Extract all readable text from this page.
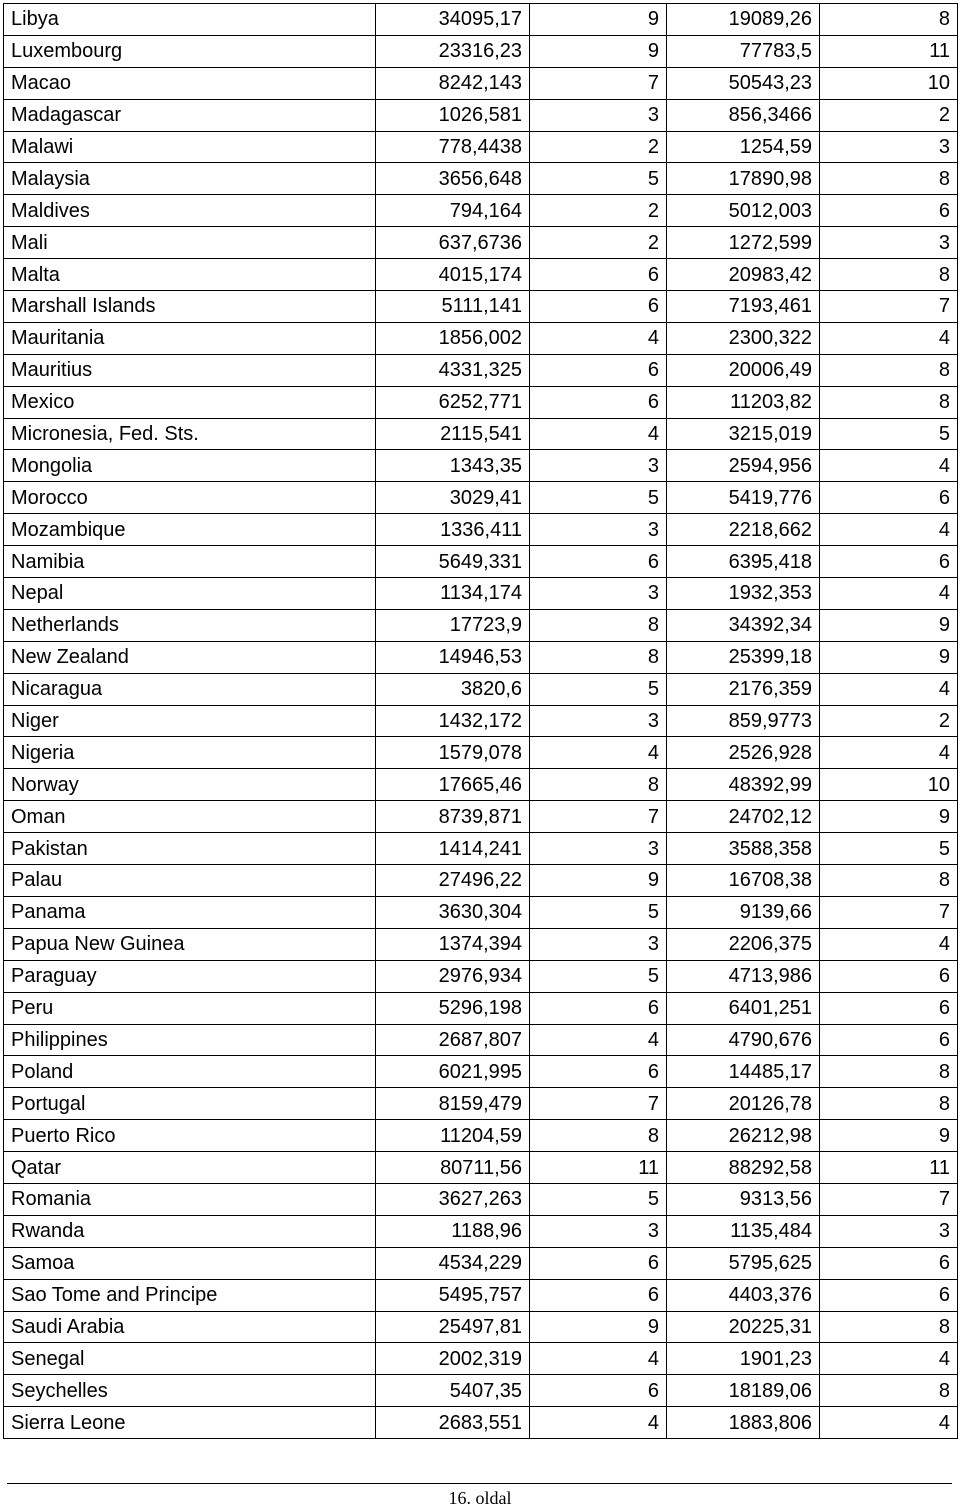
Libya	34095,17	9	19089,26	8
Luxembourg	23316,23	9	77783,5	11
Macao	8242,143	7	50543,23	10
Madagascar	1026,581	3	856,3466	2
Malawi	778,4438	2	1254,59	3
Malaysia	3656,648	5	17890,98	8
Maldives	794,164	2	5012,003	6
Mali	637,6736	2	1272,599	3
Malta	4015,174	6	20983,42	8
Marshall Islands	5111,141	6	7193,461	7
Mauritania	1856,002	4	2300,322	4
Mauritius	4331,325	6	20006,49	8
Mexico	6252,771	6	11203,82	8
Micronesia, Fed. Sts.	2115,541	4	3215,019	5
Mongolia	1343,35	3	2594,956	4
Morocco	3029,41	5	5419,776	6
Mozambique	1336,411	3	2218,662	4
Namibia	5649,331	6	6395,418	6
Nepal	1134,174	3	1932,353	4
Netherlands	17723,9	8	34392,34	9
New Zealand	14946,53	8	25399,18	9
Nicaragua	3820,6	5	2176,359	4
Niger	1432,172	3	859,9773	2
Nigeria	1579,078	4	2526,928	4
Norway	17665,46	8	48392,99	10
Oman	8739,871	7	24702,12	9
Pakistan	1414,241	3	3588,358	5
Palau	27496,22	9	16708,38	8
Panama	3630,304	5	9139,66	7
Papua New Guinea	1374,394	3	2206,375	4
Paraguay	2976,934	5	4713,986	6
Peru	5296,198	6	6401,251	6
Philippines	2687,807	4	4790,676	6
Poland	6021,995	6	14485,17	8
Portugal	8159,479	7	20126,78	8
Puerto Rico	11204,59	8	26212,98	9
Qatar	80711,56	11	88292,58	11
Romania	3627,263	5	9313,56	7
Rwanda	1188,96	3	1135,484	3
Samoa	4534,229	6	5795,625	6
Sao Tome and Principe	5495,757	6	4403,376	6
Saudi Arabia	25497,81	9	20225,31	8
Senegal	2002,319	4	1901,23	4
Seychelles	5407,35	6	18189,06	8
Sierra Leone	2683,551	4	1883,806	4
16. oldal
